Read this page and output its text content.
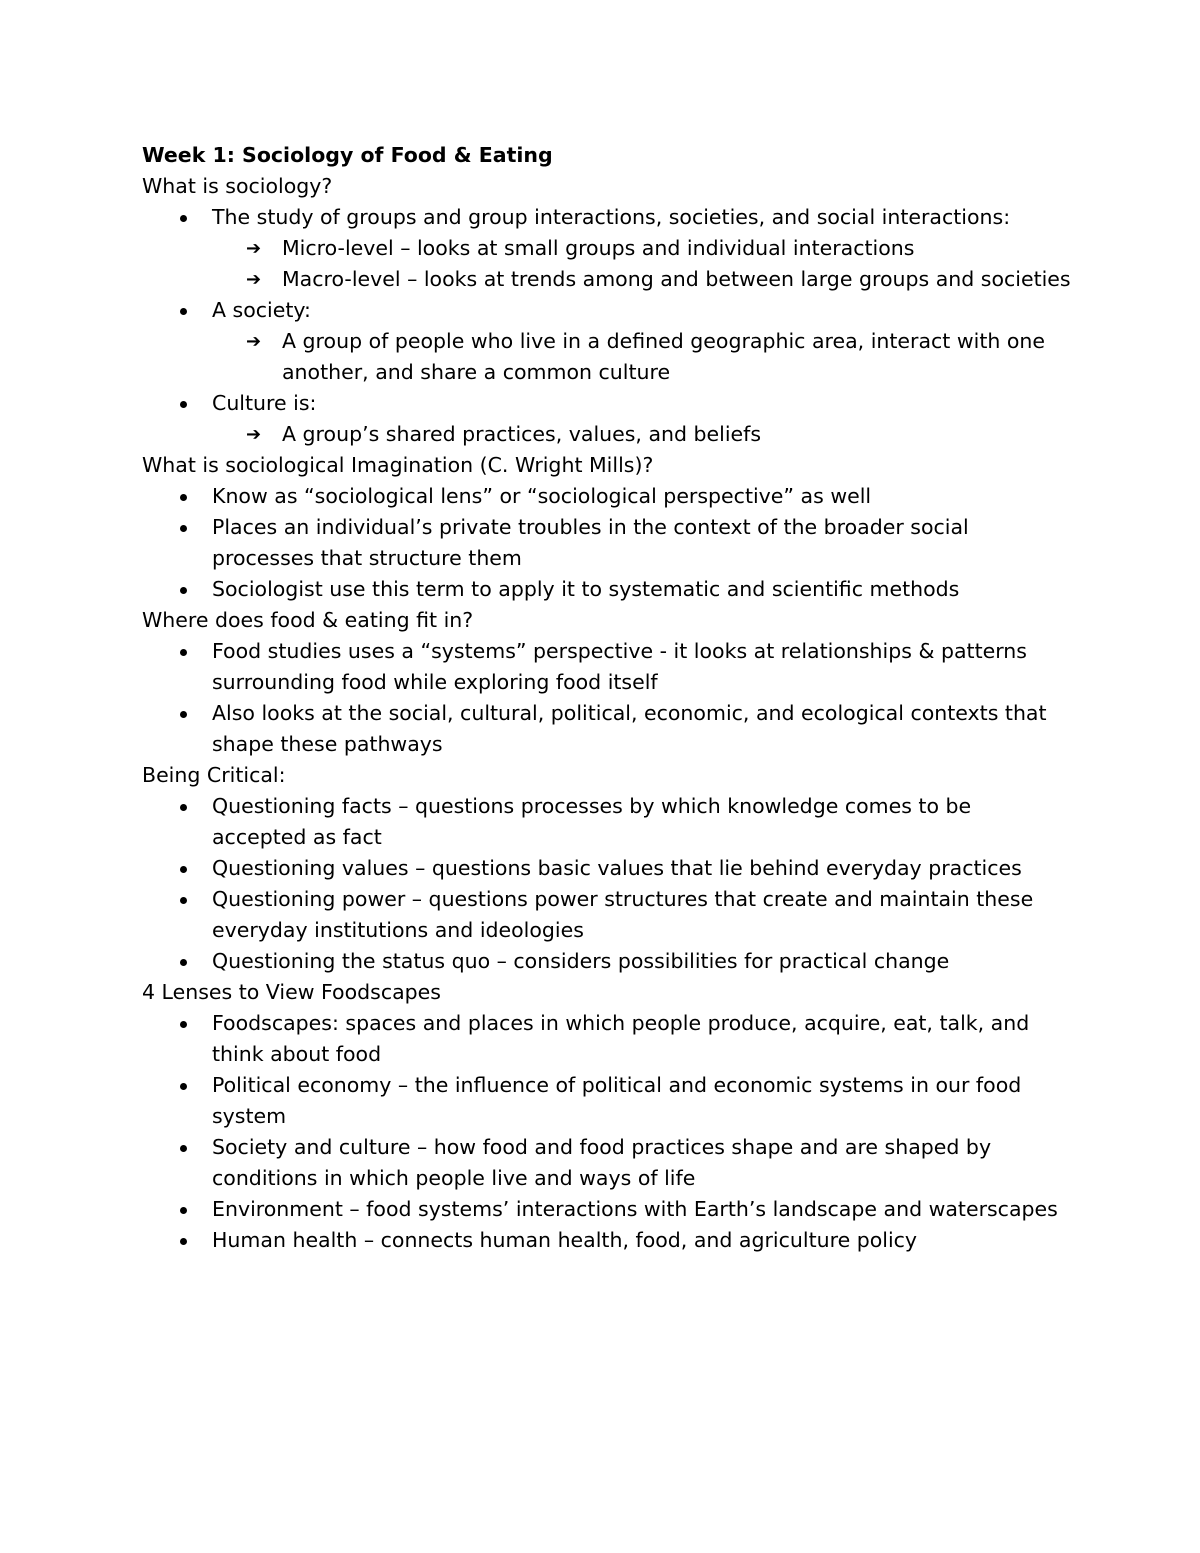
Week 1: Sociology of Food & Eating

What is sociology?

The study of groups and group interactions, societies, and social interactions:
➔ Micro-level – looks at small groups and individual interactions
➔ Macro-level – looks at trends among and between large groups and societies
A society:
➔ A group of people who live in a defined geographic area, interact with one another, and share a common culture
Culture is:
➔ A group’s shared practices, values, and beliefs

What is sociological Imagination (C. Wright Mills)?

Know as “sociological lens” or “sociological perspective” as well
Places an individual’s private troubles in the context of the broader social processes that structure them
Sociologist use this term to apply it to systematic and scientific methods

Where does food & eating fit in?

Food studies uses a “systems” perspective - it looks at relationships & patterns surrounding food while exploring food itself
Also looks at the social, cultural, political, economic, and ecological contexts that shape these pathways

Being Critical:

Questioning facts – questions processes by which knowledge comes to be accepted as fact
Questioning values – questions basic values that lie behind everyday practices
Questioning power – questions power structures that create and maintain these everyday institutions and ideologies
Questioning the status quo – considers possibilities for practical change

4 Lenses to View Foodscapes

Foodscapes: spaces and places in which people produce, acquire, eat, talk, and think about food
Political economy – the influence of political and economic systems in our food system
Society and culture – how food and food practices shape and are shaped by conditions in which people live and ways of life
Environment – food systems’ interactions with Earth’s landscape and waterscapes
Human health – connects human health, food, and agriculture policy
